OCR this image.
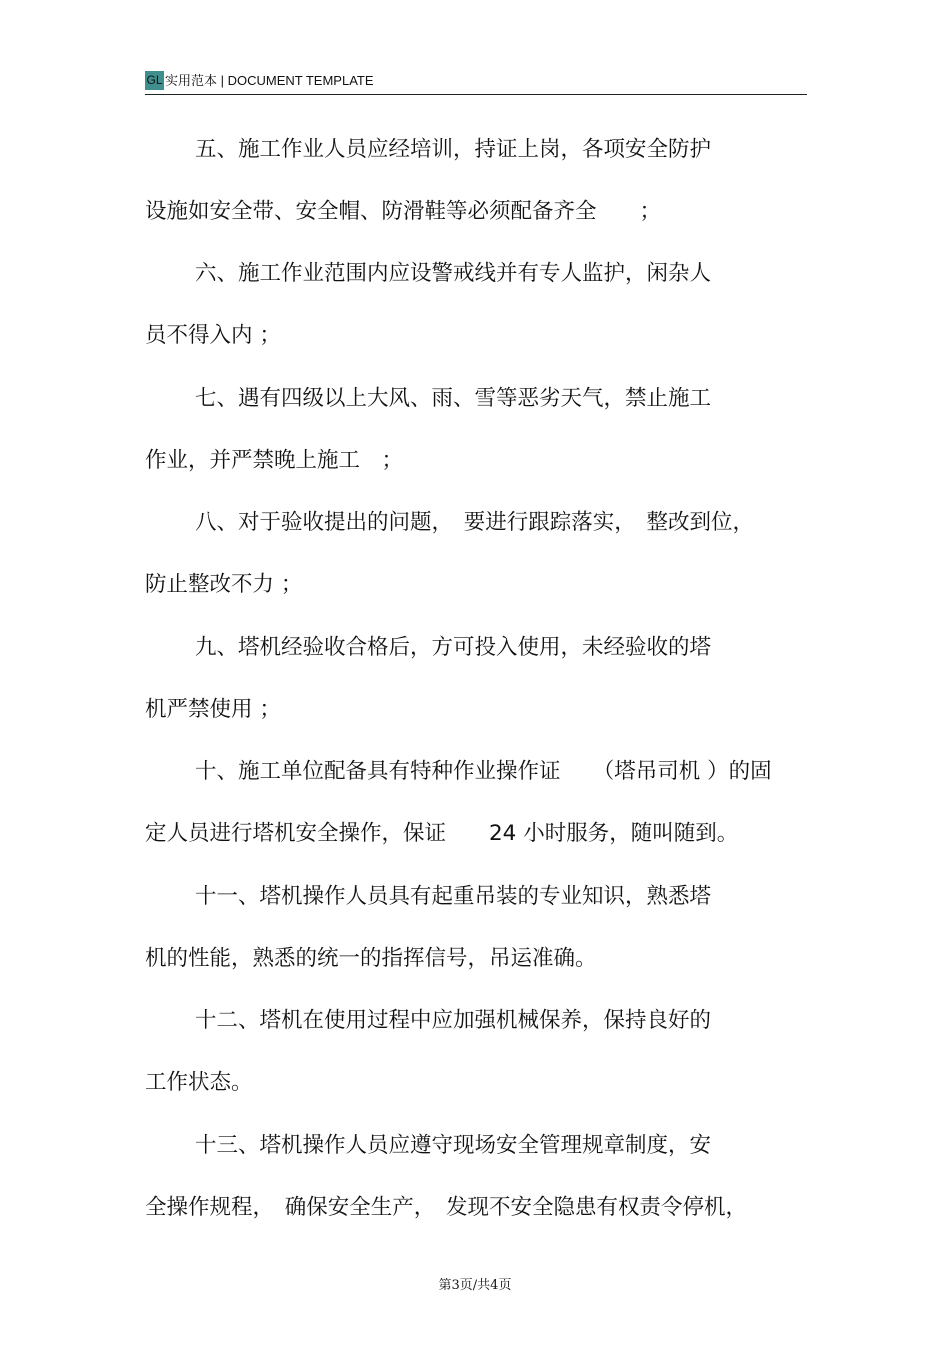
GL 实用范本 | DOCUMENT TEMPLATE
五、施工作业人员应经培训，持证上岗，各项安全防护
设施如安全带、安全帽、防滑鞋等必须配备齐全　　；
六、施工作业范围内应设警戒线并有专人监护，闲杂人
员不得入内 ；
七、遇有四级以上大风、雨、雪等恶劣天气，禁止施工
作业，并严禁晚上施工　；
八、对于验收提出的问题，　要进行跟踪落实，　整改到位，
防止整改不力 ；
九、塔机经验收合格后，方可投入使用，未经验收的塔
机严禁使用 ；
十、施工单位配备具有特种作业操作证　　（塔吊司机 ）的固
定人员进行塔机安全操作，保证　　24 小时服务，随叫随到。
十一、塔机操作人员具有起重吊装的专业知识，熟悉塔
机的性能，熟悉的统一的指挥信号，吊运准确。
十二、塔机在使用过程中应加强机械保养，保持良好的
工作状态。
十三、塔机操作人员应遵守现场安全管理规章制度，安
全操作规程，　确保安全生产，　发现不安全隐患有权责令停机，
第3页/共4页
